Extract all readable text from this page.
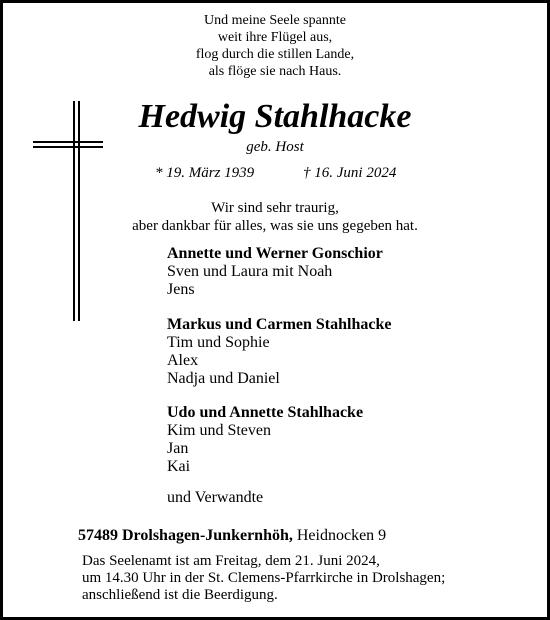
Und meine Seele spannte
weit ihre Flügel aus,
flog durch die stillen Lande,
als flöge sie nach Haus.
Hedwig Stahlhacke
geb. Host
* 19. März 1939	† 16. Juni 2024
Wir sind sehr traurig,
aber dankbar für alles, was sie uns gegeben hat.
Annette und Werner Gonschior
Sven und Laura mit Noah
Jens
Markus und Carmen Stahlhacke
Tim und Sophie
Alex
Nadja und Daniel
Udo und Annette Stahlhacke
Kim und Steven
Jan
Kai
und Verwandte
57489 Drolshagen-Junkernhöh, Heidnocken 9
Das Seelenamt ist am Freitag, dem 21. Juni 2024,
um 14.30 Uhr in der St. Clemens-Pfarrkirche in Drolshagen;
anschließend ist die Beerdigung.
